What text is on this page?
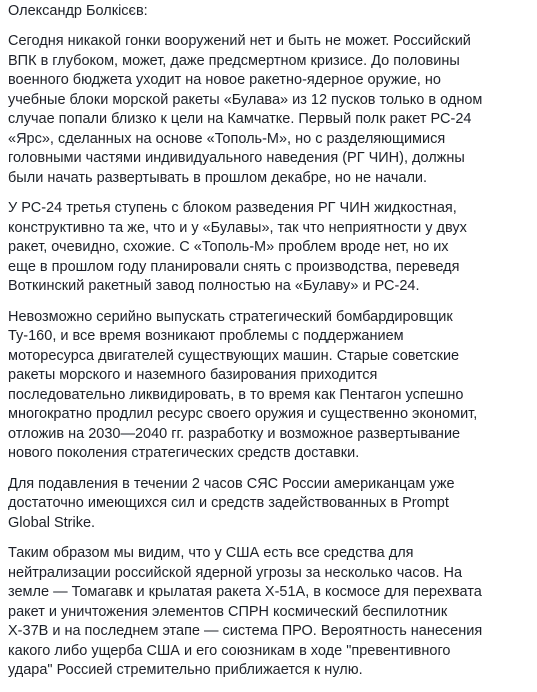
Олександр Болкісєв:
Сегодня никакой гонки вооружений нет и быть не может. Российский
ВПК в глубоком, может, даже предсмертном кризисе. До половины
военного бюджета уходит на новое ракетно-ядерное оружие, но
учебные блоки морской ракеты «Булава» из 12 пусков только в одном
случае попали близко к цели на Камчатке. Первый полк ракет РС-24
«Ярс», сделанных на основе «Тополь-М», но с разделяющимися
головными частями индивидуального наведения (РГ ЧИН), должны
были начать развертывать в прошлом декабре, но не начали.
У РС-24 третья ступень с блоком разведения РГ ЧИН жидкостная,
конструктивно та же, что и у «Булавы», так что неприятности у двух
ракет, очевидно, схожие. С «Тополь-М» проблем вроде нет, но их
еще в прошлом году планировали снять с производства, переведя
Воткинский ракетный завод полностью на «Булаву» и РС-24.
Невозможно серийно выпускать стратегический бомбардировщик
Ту-160, и все время возникают проблемы с поддержанием
моторесурса двигателей существующих машин. Старые советские
ракеты морского и наземного базирования приходится
последовательно ликвидировать, в то время как Пентагон успешно
многократно продлил ресурс своего оружия и существенно экономит,
отложив на 2030—2040 гг. разработку и возможное развертывание
нового поколения стратегических средств доставки.
Для подавления в течении 2 часов СЯС России американцам уже
достаточно имеющихся сил и средств задействованных в Prompt
Global Strike.
Таким образом мы видим, что у США есть все средства для
нейтрализации российской ядерной угрозы за несколько часов. На
земле — Томагавк и крылатая ракета Х-51А, в космосе для перехвата
ракет и уничтожения элементов СПРН космический беспилотник
Х-37В и на последнем этапе — система ПРО. Вероятность нанесения
какого либо ущерба США и его союзникам в ходе "превентивного
удара" Россией стремительно приближается к нулю.
